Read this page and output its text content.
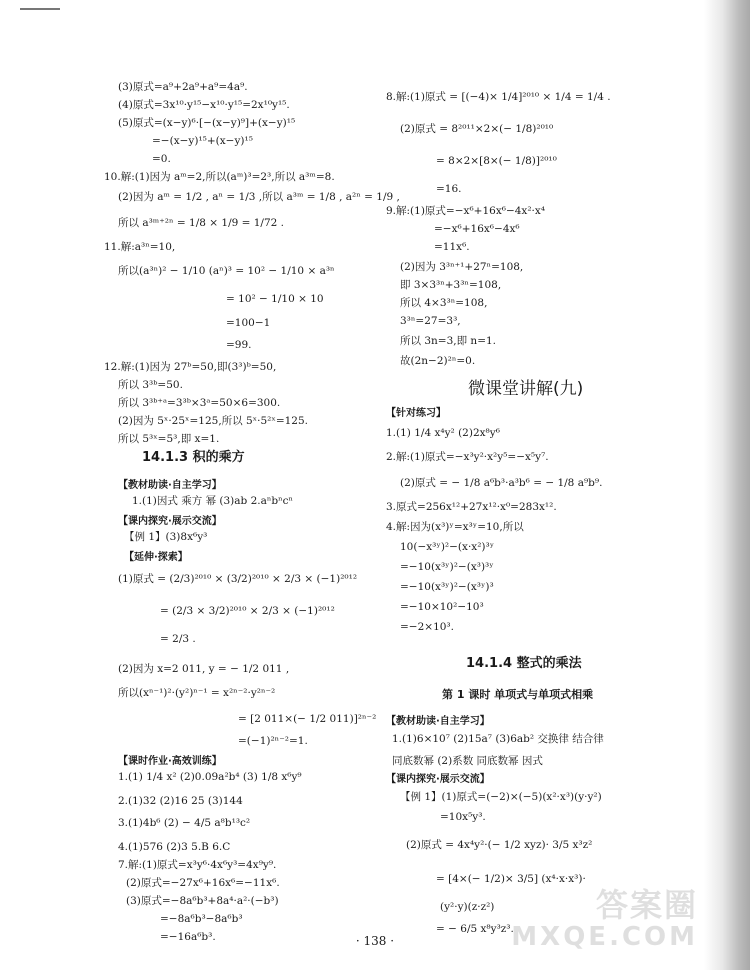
14.1.3 积的乘方
(3)原式=a⁹+2a⁹+a⁹=4a⁹.
(4)原式=3x¹⁰·y¹⁵−x¹⁰·y¹⁵=2x¹⁰y¹⁵.
(5)原式=(x−y)⁶·[−(x−y)⁹]+(x−y)¹⁵
=−(x−y)¹⁵+(x−y)¹⁵
=0.
10.解:(1)因为 aᵐ=2,所以(aᵐ)³=2³,所以 a³ᵐ=8.
(2)因为 aᵐ = 1/2 , aⁿ = 1/3 ,所以 a³ᵐ = 1/8 , a²ⁿ = 1/9 ,
所以 a³ᵐ⁺²ⁿ = 1/8 × 1/9 = 1/72 .
11.解:a³ⁿ=10,
所以(a³ⁿ)² − 1/10 (aⁿ)³ = 10² − 1/10 × a³ⁿ
= 10² − 1/10 × 10
=100−1
=99.
12.解:(1)因为 27ᵇ=50,即(3³)ᵇ=50,
所以 3³ᵇ=50.
所以 3³ᵇ⁺ᵃ=3³ᵇ×3ᵃ=50×6=300.
(2)因为 5ˣ·25ˣ=125,所以 5ˣ·5²ˣ=125.
所以 5³ˣ=5³,即 x=1.
1.(1)因式 乘方 幂 (3)ab 2.aⁿbⁿcⁿ
【例 1】(3)8x⁶y³
(1)原式 = (2/3)²⁰¹⁰ × (3/2)²⁰¹⁰ × 2/3 × (−1)²⁰¹²
= (2/3 × 3/2)²⁰¹⁰ × 2/3 × (−1)²⁰¹²
= 2/3 .
(2)因为 x=2 011, y = − 1/2 011 ,
所以(xⁿ⁻¹)²·(y²)ⁿ⁻¹ = x²ⁿ⁻²·y²ⁿ⁻²
= [2 011×(− 1/2 011)]²ⁿ⁻²
=(−1)²ⁿ⁻²=1.
1.(1) 1/4 x² (2)0.09a²b⁴ (3) 1/8 x⁶y⁹
2.(1)32 (2)16 25 (3)144
3.(1)4b⁶ (2) − 4/5 a⁸b¹³c²
4.(1)576 (2)3 5.B 6.C
7.解:(1)原式=x³y⁶·4x⁶y³=4x⁹y⁹.
(2)原式=−27x⁶+16x⁶=−11x⁶.
(3)原式=−8a⁶b³+8a⁴·a²·(−b³)
=−8a⁶b³−8a⁶b³
=−16a⁶b³.
【教材助读·自主学习】
【课内探究·展示交流】
【延伸·探索】
【课时作业·高效训练】
微课堂讲解(九)
14.1.4 整式的乘法
第 1 课时 单项式与单项式相乘
8.解:(1)原式 = [(−4)× 1/4]²⁰¹⁰ × 1/4 = 1/4 .
(2)原式 = 8²⁰¹¹×2×(− 1/8)²⁰¹⁰
= 8×2×[8×(− 1/8)]²⁰¹⁰
=16.
9.解:(1)原式=−x⁶+16x⁶−4x²·x⁴
=−x⁶+16x⁶−4x⁶
=11x⁶.
(2)因为 3³ⁿ⁺¹+27ⁿ=108,
即 3×3³ⁿ+3³ⁿ=108,
所以 4×3³ⁿ=108,
3³ⁿ=27=3³,
所以 3n=3,即 n=1.
故(2n−2)²ⁿ=0.
1.(1) 1/4 x⁴y² (2)2x⁸y⁶
2.解:(1)原式=−x³y²·x²y⁵=−x⁵y⁷.
(2)原式 = − 1/8 a⁶b³·a³b⁶ = − 1/8 a⁹b⁹.
3.原式=256x¹²+27x¹²·x⁰=283x¹².
4.解:因为(x³)ʸ=x³ʸ=10,所以
10(−x³ʸ)²−(x·x²)³ʸ
=−10(x³ʸ)²−(x³)³ʸ
=−10(x³ʸ)²−(x³ʸ)³
=−10×10²−10³
=−2×10³.
1.(1)6×10⁷ (2)15a⁷ (3)6ab² 交换律 结合律
同底数幂 (2)系数 同底数幂 因式
【例 1】(1)原式=(−2)×(−5)(x²·x³)(y·y²)
=10x⁵y³.
(2)原式 = 4x⁴y²·(− 1/2 xyz)· 3/5 x³z²
= [4×(− 1/2)× 3/5] (x⁴·x·x³)·
(y²·y)(z·z²)
= − 6/5 x⁸y³z³.
【针对练习】
【教材助读·自主学习】
【课内探究·展示交流】
· 138 ·
答案圈
MXQE.COM
